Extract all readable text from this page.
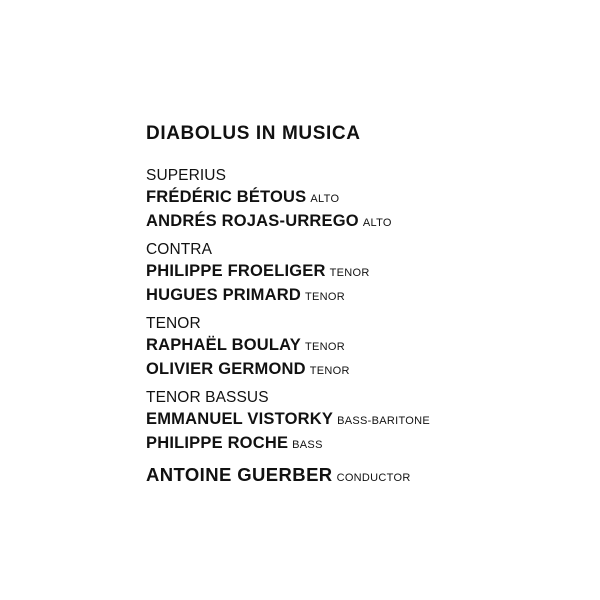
DIABOLUS IN MUSICA
SUPERIUS
FRÉDÉRIC BÉTOUS ALTO
ANDRÉS ROJAS-URREGO ALTO
CONTRA
PHILIPPE FROELIGER TENOR
HUGUES PRIMARD TENOR
TENOR
RAPHAËL BOULAY TENOR
OLIVIER GERMOND TENOR
TENOR BASSUS
EMMANUEL VISTORKY BASS-BARITONE
PHILIPPE ROCHE BASS
ANTOINE GUERBER CONDUCTOR
